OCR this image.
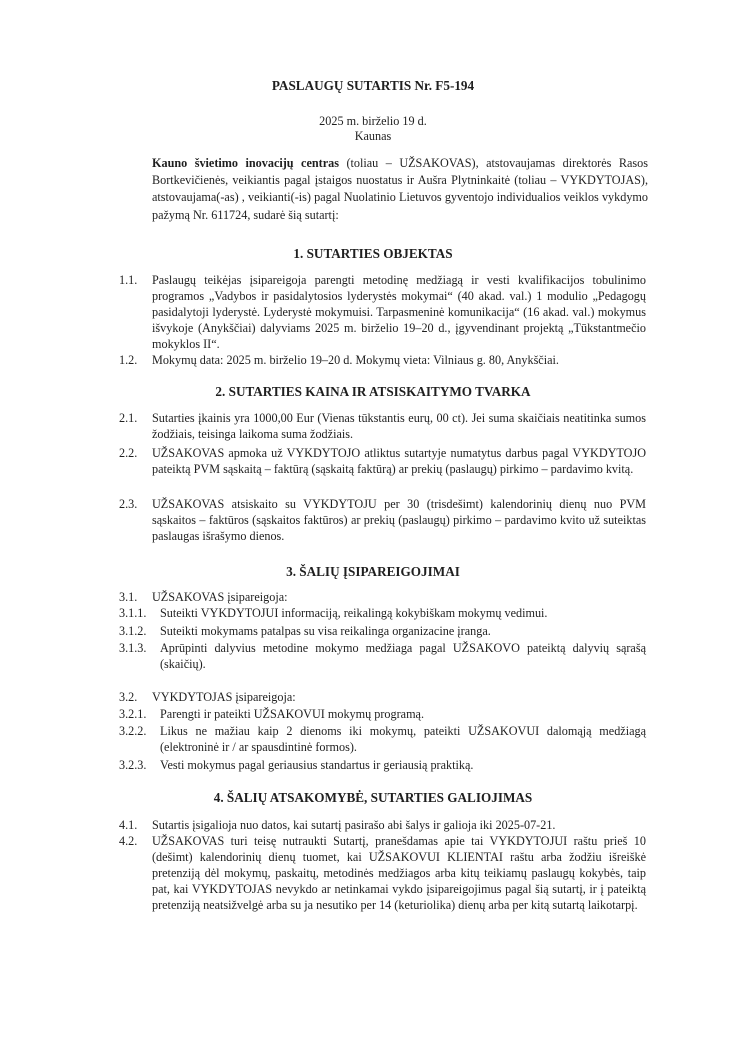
PASLAUGŲ SUTARTIS Nr. F5-194
2025 m. birželio 19 d.
Kaunas
Kauno švietimo inovacijų centras (toliau – UŽSAKOVAS), atstovaujamas direktorės Rasos Bortkevičienės, veikiantis pagal įstaigos nuostatus ir Aušra Plytninkaitė (toliau – VYKDYTOJAS), atstovaujama(-as) , veikianti(-is) pagal Nuolatinio Lietuvos gyventojo individualios veiklos vykdymo pažymą Nr. 611724, sudarė šią sutartį:
1. SUTARTIES OBJEKTAS
1.1. Paslaugų teikėjas įsipareigoja parengti metodinę medžiagą ir vesti kvalifikacijos tobulinimo programos „Vadybos ir pasidalytosios lyderystės mokymai“ (40 akad. val.) 1 modulio „Pedagogų pasidalytoji lyderystė. Lyderystė mokymuisi. Tarpasmeninė komunikacija“ (16 akad. val.) mokymus išvykoje (Anykščiai) dalyviams 2025 m. birželio 19–20 d., įgyvendinant projektą „Tūkstantmečio mokyklos II“.
1.2. Mokymų data: 2025 m. birželio 19–20 d. Mokymų vieta: Vilniaus g. 80, Anykščiai.
2. SUTARTIES KAINA IR ATSISKAITYMO TVARKA
2.1. Sutarties įkainis yra 1000,00 Eur (Vienas tūkstantis eurų, 00 ct). Jei suma skaičiais neatitinka sumos žodžiais, teisinga laikoma suma žodžiais.
2.2. UŽSAKOVAS apmoka už VYKDYTOJO atliktus sutartyje numatytus darbus pagal VYKDYTOJO pateiktą PVM sąskaitą – faktūrą (sąskaitą faktūrą) ar prekių (paslaugų) pirkimo – pardavimo kvitą.
2.3. UŽSAKOVAS atsiskaito su VYKDYTOJU per 30 (trisdešimt) kalendorinių dienų nuo PVM sąskaitos – faktūros (sąskaitos faktūros) ar prekių (paslaugų) pirkimo – pardavimo kvito už suteiktas paslaugas išrašymo dienos.
3. ŠALIŲ ĮSIPAREIGOJIMAI
3.1. UŽSAKOVAS įsipareigoja:
3.1.1. Suteikti VYKDYTOJUI informaciją, reikalingą kokybiškam mokymų vedimui.
3.1.2. Suteikti mokymams patalpas su visa reikalinga organizacine įranga.
3.1.3. Aprūpinti dalyvius metodine mokymo medžiaga pagal UŽSAKOVO pateiktą dalyvių sąrašą (skaičių).
3.2. VYKDYTOJAS įsipareigoja:
3.2.1. Parengti ir pateikti UŽSAKOVUI mokymų programą.
3.2.2. Likus ne mažiau kaip 2 dienoms iki mokymų, pateikti UŽSAKOVUI dalomąją medžiagą (elektroninė ir / ar spausdintinė formos).
3.2.3. Vesti mokymus pagal geriausius standartus ir geriausią praktiką.
4. ŠALIŲ ATSAKOMYBĖ, SUTARTIES GALIOJIMAS
4.1. Sutartis įsigalioja nuo datos, kai sutartį pasirašo abi šalys ir galioja iki 2025-07-21.
4.2. UŽSAKOVAS turi teisę nutraukti Sutartį, pranešdamas apie tai VYKDYTOJUI raštu prieš 10 (dešimt) kalendorinių dienų tuomet, kai UŽSAKOVUI KLIENTAI raštu arba žodžiu išreiškė pretenziją dėl mokymų, paskaitų, metodinės medžiagos arba kitų teikiamų paslaugų kokybės, taip pat, kai VYKDYTOJAS nevykdo ar netinkamai vykdo įsipareigojimus pagal šią sutartį, ir į pateiktą pretenziją neatsižvelgė arba su ja nesutiko per 14 (keturiolika) dienų arba per kitą sutartą laikotarpį.
